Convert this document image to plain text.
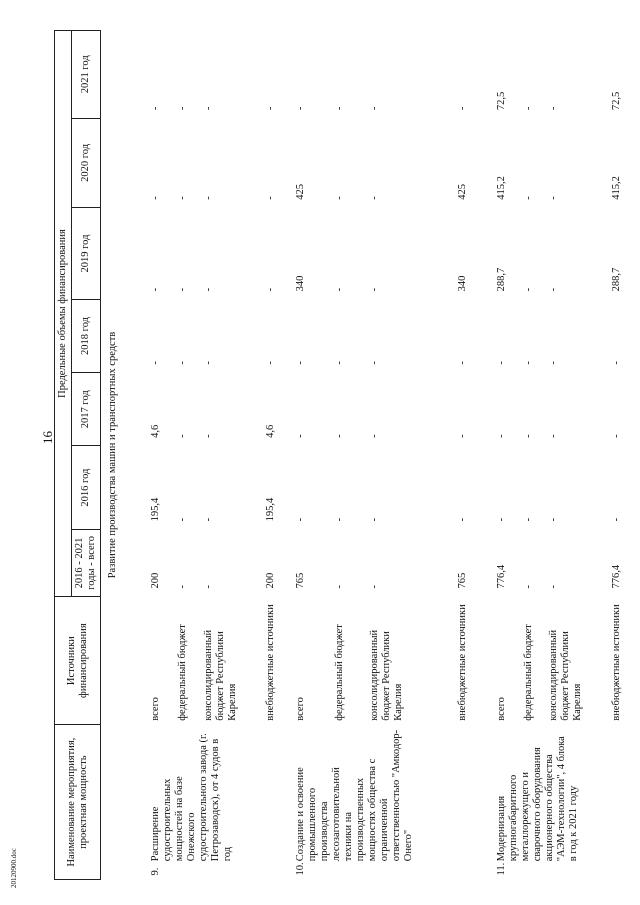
16
20120900.doc
Наименование мероприятия, проектная мощность		Источники финансирования	Предельные объемы финансирования						
			2016 - 2021 годы - всего	2016 год	2017 год	2018 год	2019 год	2020 год	2021 год
Развитие производства машин и транспортных средств									
9.	Расширение судостроительных мощностей на базе Онежского судостроительного завода (г. Петрозаводск), от 4 судов в год	всего	200	195,4	4,6	-	-	-	-
		федеральный бюджет	-	-	-	-	-	-	-
		консолидированный бюджет Республики Карелия	-	-	-	-	-	-	-
		внебюджетные источники	200	195,4	4,6	-	-	-	-
10.	Создание и освоение промышленного производства лесозаготовительной техники на производственных мощностях общества с ограниченной ответственностью "Амкодор-Онего"	всего	765	-	-	-	340	425	-
		федеральный бюджет	-	-	-	-	-	-	-
		консолидированный бюджет Республики Карелия	-	-	-	-	-	-	-
		внебюджетные источники	765	-	-	-	340	425	-
11.	Модернизация крупногабаритного металлорежущего и сварочного оборудования акционерного общества "АЭМ-технологии", 4 блока в год к 2021 году	всего	776,4	-	-	-	288,7	415,2	72,5
		федеральный бюджет	-	-	-	-	-	-	-
		консолидированный бюджет Республики Карелия	-	-	-	-	-	-	-
		внебюджетные источники	776,4	-	-	-	288,7	415,2	72,5
